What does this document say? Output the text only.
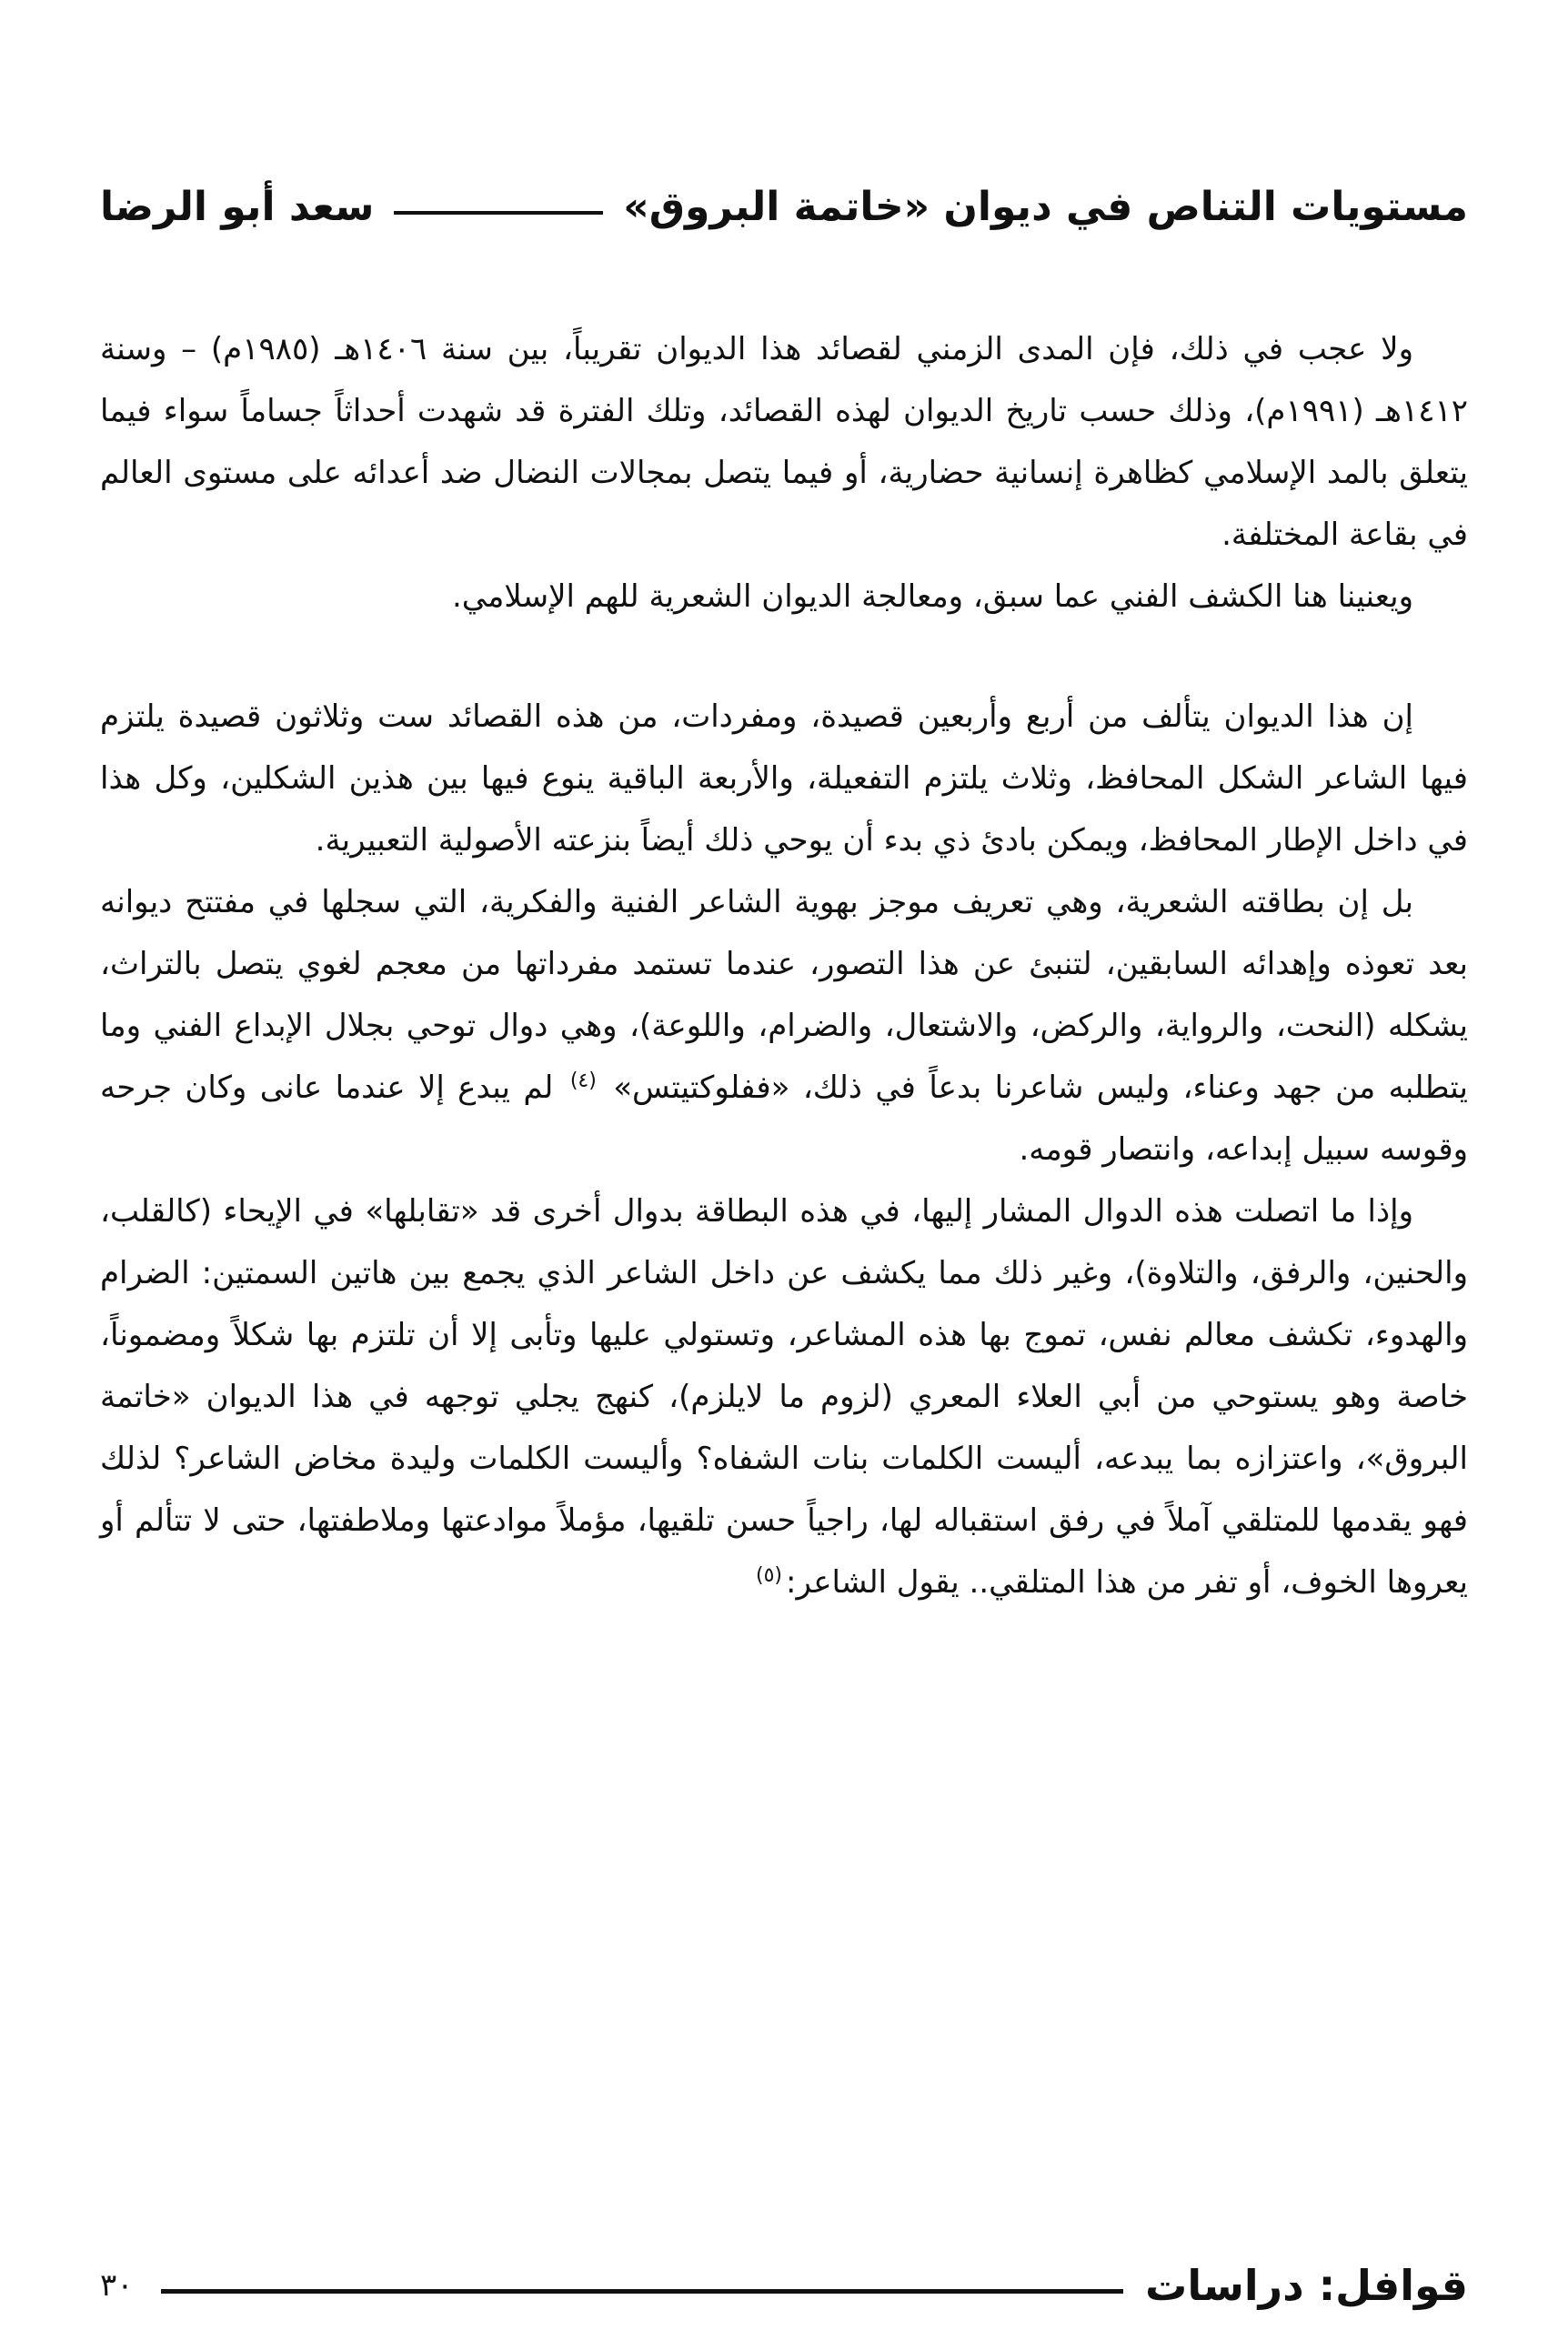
مستويات التناص في ديوان «خاتمة البروق»
سعد أبو الرضا

ولا عجب في ذلك، فإن المدى الزمني لقصائد هذا الديوان تقريباً، بين سنة ١٤٠٦هـ (١٩٨٥م) – وسنة ١٤١٢هـ (١٩٩١م)، وذلك حسب تاريخ الديوان لهذه القصائد، وتلك الفترة قد شهدت أحداثاً جساماً سواء فيما يتعلق بالمد الإسلامي كظاهرة إنسانية حضارية، أو فيما يتصل بمجالات النضال ضد أعدائه على مستوى العالم في بقاعة المختلفة.

ويعنينا هنا الكشف الفني عما سبق، ومعالجة الديوان الشعرية للهم الإسلامي.

إن هذا الديوان يتألف من أربع وأربعين قصيدة، ومفردات، من هذه القصائد ست وثلاثون قصيدة يلتزم فيها الشاعر الشكل المحافظ، وثلاث يلتزم التفعيلة، والأربعة الباقية ينوع فيها بين هذين الشكلين، وكل هذا في داخل الإطار المحافظ، ويمكن بادئ ذي بدء أن يوحي ذلك أيضاً بنزعته الأصولية التعبيرية.

بل إن بطاقته الشعرية، وهي تعريف موجز بهوية الشاعر الفنية والفكرية، التي سجلها في مفتتح ديوانه بعد تعوذه وإهدائه السابقين، لتنبئ عن هذا التصور، عندما تستمد مفرداتها من معجم لغوي يتصل بالتراث، يشكله (النحت، والرواية، والركض، والاشتعال، والضرام، واللوعة)، وهي دوال توحي بجلال الإبداع الفني وما يتطلبه من جهد وعناء، وليس شاعرنا بدعاً في ذلك، «ففلوكتيتس» $^{(٤)}$ لم يبدع إلا عندما عانى وكان جرحه وقوسه سبيل إبداعه، وانتصار قومه.

وإذا ما اتصلت هذه الدوال المشار إليها، في هذه البطاقة بدوال أخرى قد «تقابلها» في الإيحاء (كالقلب، والحنين، والرفق، والتلاوة)، وغير ذلك مما يكشف عن داخل الشاعر الذي يجمع بين هاتين السمتين: الضرام والهدوء، تكشف معالم نفس، تموج بها هذه المشاعر، وتستولي عليها وتأبى إلا أن تلتزم بها شكلاً ومضموناً، خاصة وهو يستوحي من أبي العلاء المعري (لزوم ما لايلزم)، كنهج يجلي توجهه في هذا الديوان «خاتمة البروق»، واعتزازه بما يبدعه، أليست الكلمات بنات الشفاه؟ وأليست الكلمات وليدة مخاض الشاعر؟ لذلك فهو يقدمها للمتلقي آملاً في رفق استقباله لها، راجياً حسن تلقيها، مؤملاً موادعتها وملاطفتها، حتى لا تتألم أو يعروها الخوف، أو تفر من هذا المتلقي.. يقول الشاعر:$^{(٥)}$

قوافل: دراسات
٣٠
